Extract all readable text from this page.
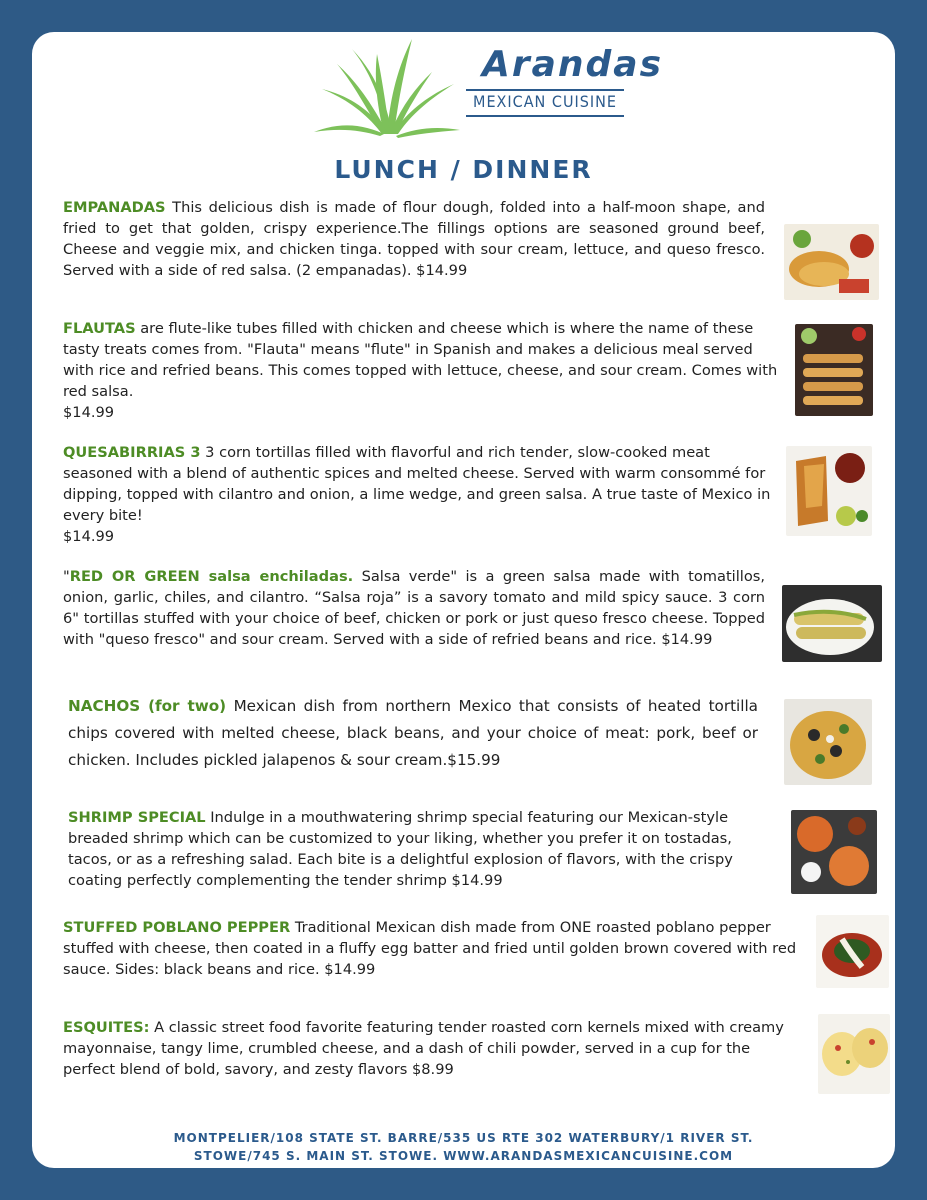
Arandas
MEXICAN CUISINE
LUNCH / DINNER
EMPANADAS This delicious dish is made of flour dough, folded into a half-moon shape, and fried to get that golden, crispy experience.The fillings options are seasoned ground beef, Cheese and veggie mix, and chicken tinga. topped with sour cream, lettuce, and queso fresco. Served with a side of red salsa. (2 empanadas). $14.99
FLAUTAS are flute-like tubes filled with chicken and cheese which is where the name of these tasty treats comes from. "Flauta" means "flute" in Spanish and makes a delicious meal served with rice and refried beans. This comes topped with lettuce, cheese, and sour cream. Comes with red salsa.
$14.99
QUESABIRRIAS 3 3 corn tortillas filled with flavorful and rich tender, slow-cooked meat seasoned with a blend of authentic spices and melted cheese. Served with warm consommé for dipping, topped with cilantro and onion, a lime wedge, and green salsa. A true taste of Mexico in every bite!
$14.99
"RED OR GREEN salsa enchiladas. Salsa verde" is a green salsa made with tomatillos, onion, garlic, chiles, and cilantro. “Salsa roja” is a savory tomato and mild spicy sauce. 3 corn 6" tortillas stuffed with your choice of beef, chicken or pork or just queso fresco cheese. Topped with "queso fresco" and sour cream. Served with a side of refried beans and rice. $14.99
NACHOS (for two) Mexican dish from northern Mexico that consists of heated tortilla chips covered with melted cheese, black beans, and your choice of meat: pork, beef or chicken. Includes pickled jalapenos & sour cream.$15.99
SHRIMP SPECIAL Indulge in a mouthwatering shrimp special featuring our Mexican-style breaded shrimp which can be customized to your liking, whether you prefer it on tostadas, tacos, or as a refreshing salad. Each bite is a delightful explosion of flavors, with the crispy coating perfectly complementing the tender shrimp $14.99
STUFFED POBLANO PEPPER Traditional Mexican dish made from ONE roasted poblano pepper stuffed with cheese, then coated in a fluffy egg batter and fried until golden brown covered with red sauce. Sides: black beans and rice. $14.99
ESQUITES: A classic street food favorite featuring tender roasted corn kernels mixed with creamy mayonnaise, tangy lime, crumbled cheese, and a dash of chili powder, served in a cup for the perfect blend of bold, savory, and zesty flavors $8.99
MONTPELIER/108 STATE ST. BARRE/535 US RTE 302 WATERBURY/1 RIVER ST.
STOWE/745 S. MAIN ST. STOWE. WWW.ARANDASMEXICANCUISINE.COM
